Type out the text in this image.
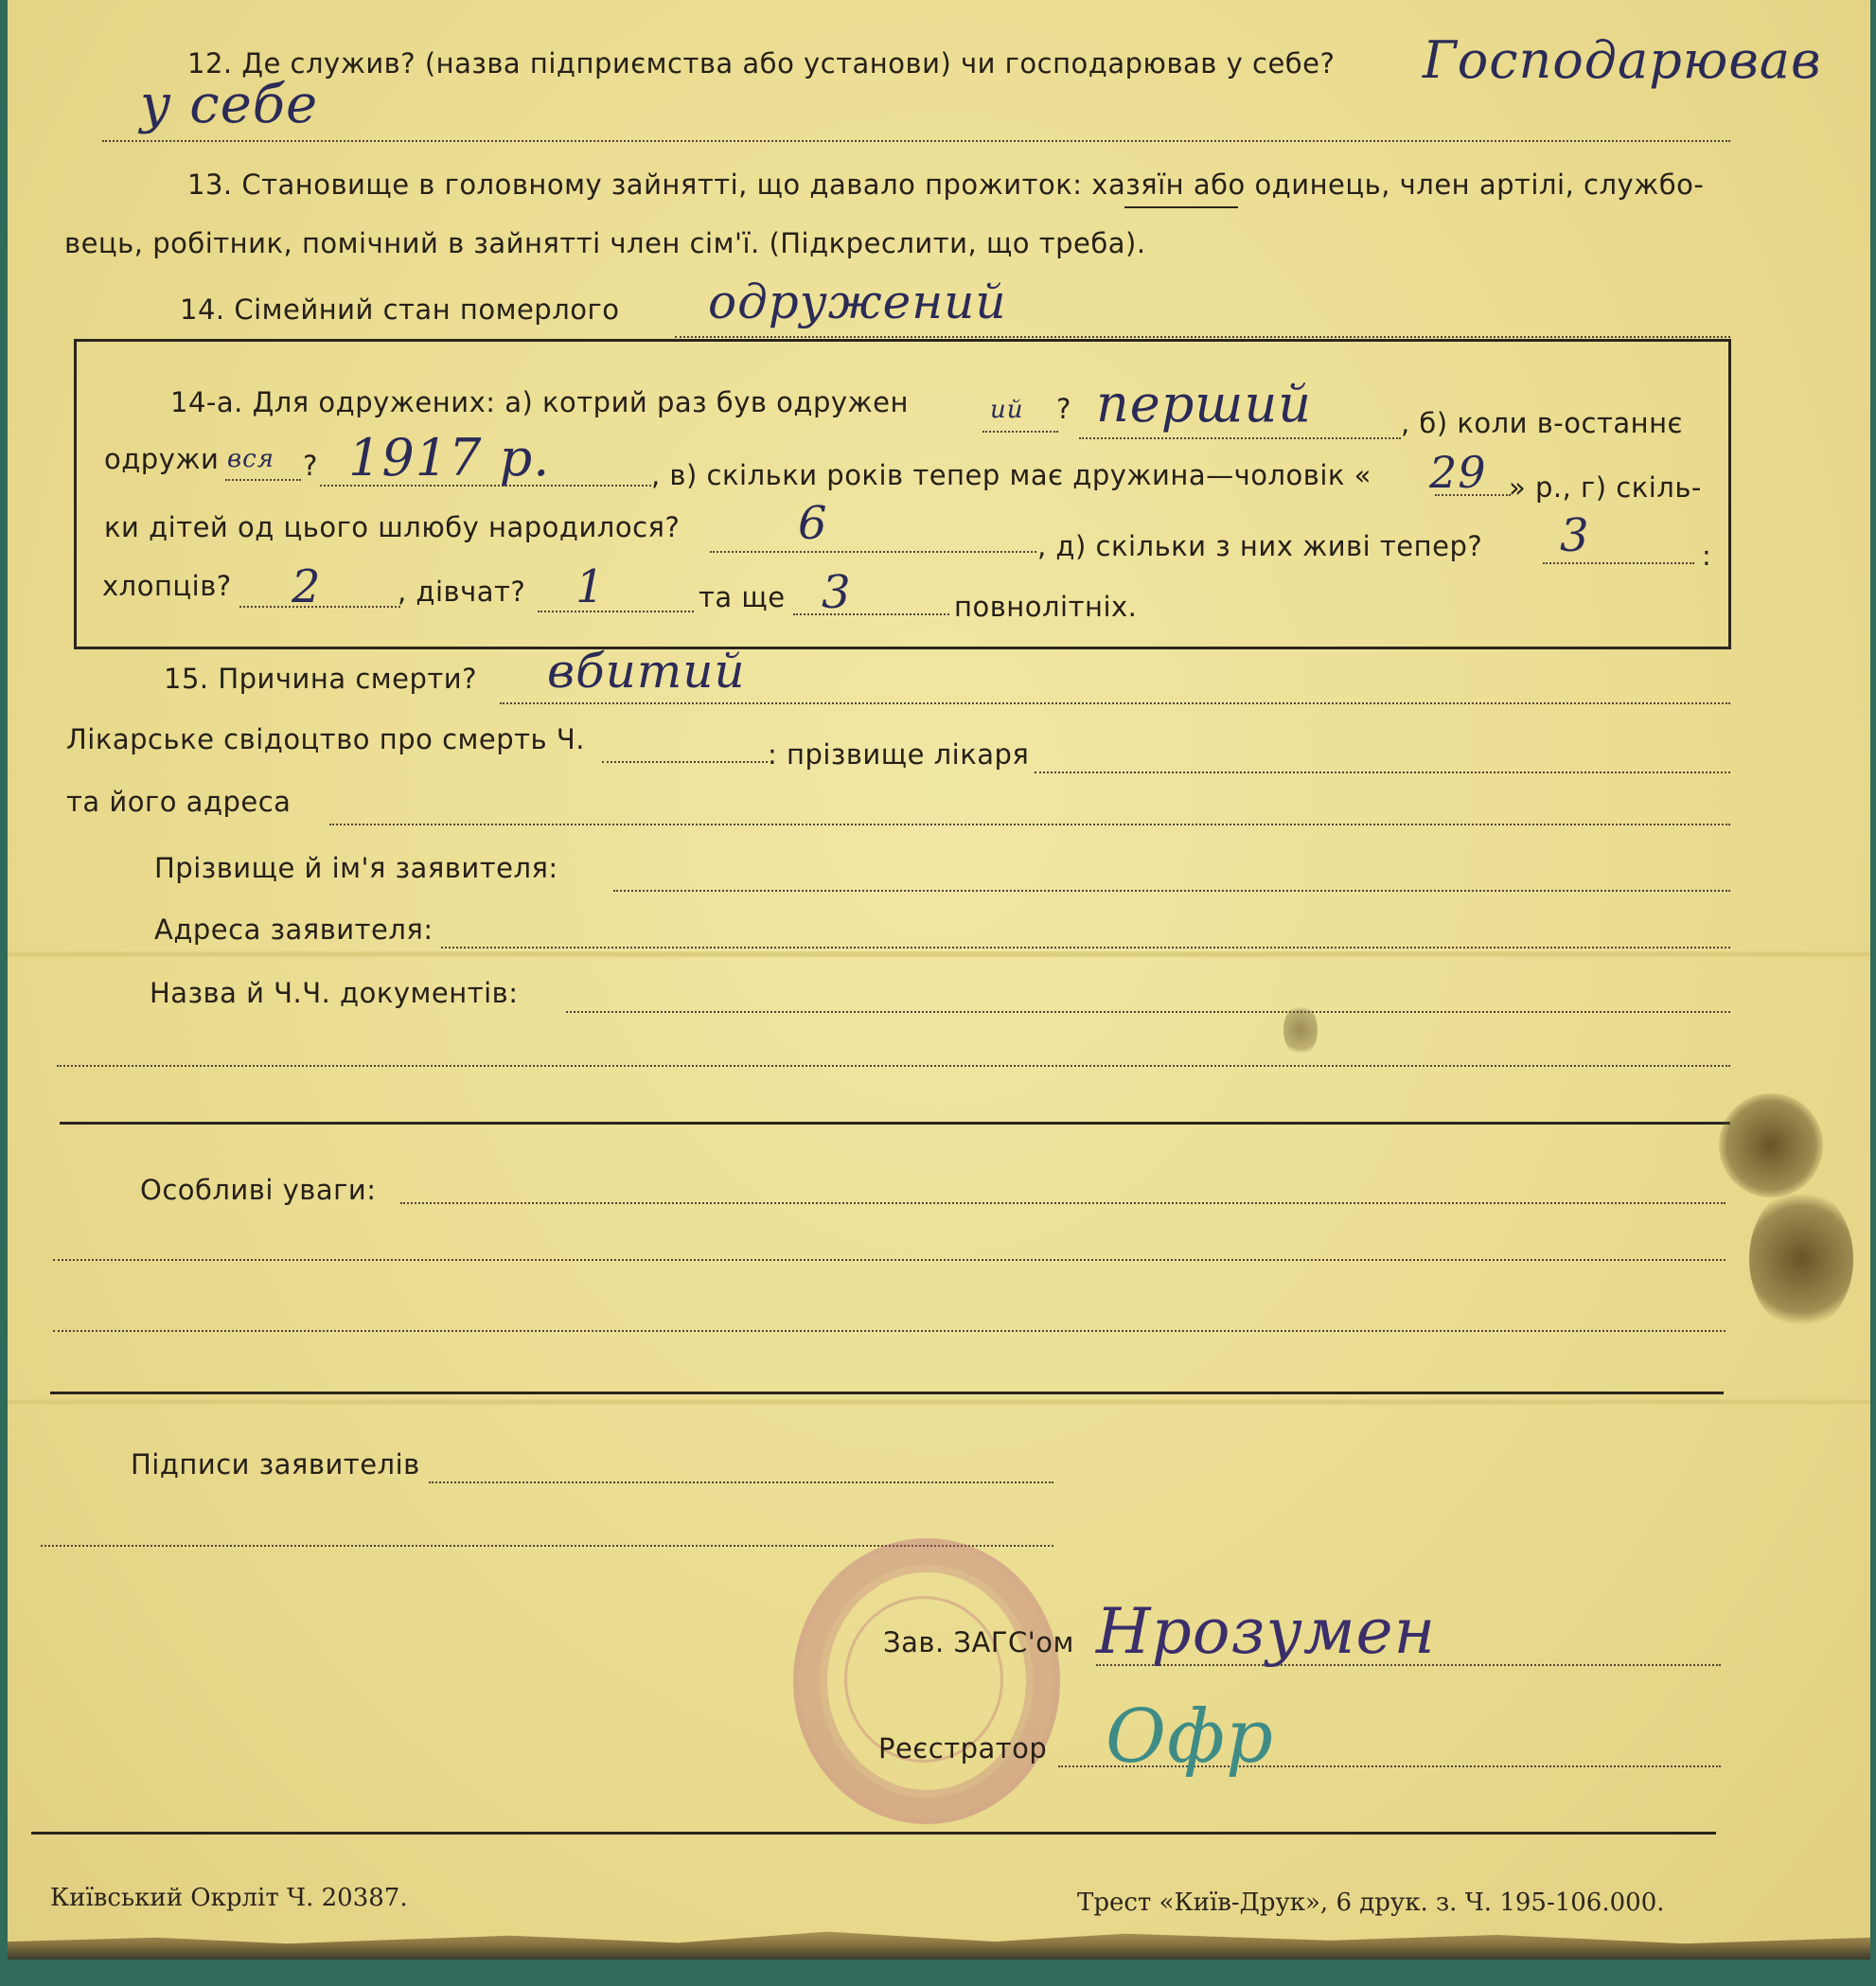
12. Де служив? (назва підприємства або установи) чи господарював у себе? Господарював
у себе
13. Становище в головному зайнятті, що давало прожиток: хазяїн або одинець, член артілі, службо-
вець, робітник, помічний в зайнятті член сім'ї. (Підкреслити, що треба).
14. Сімейний стан померлого одружений
14-а. Для одружених: а) котрий раз був одружен	ий ? перший	, б) коли в-останнє
одружи вся ? 1917 р.	, в) скільки років тепер має дружина—чоловік « 29 » р., г) скіль-
ки дітей од цього шлюбу народилося?	6	, д) скільки з них живі тепер? 3	:
хлопців? 2	, дівчат? 1	та ще 3	повнолітніх.
15. Причина смерти? вбитий
Лікарське свідоцтво про смерть Ч.	: прізвище лікаря
та його адреса
Прізвище й ім'я заявителя:
Адреса заявителя:
Назва й Ч.Ч. документів:
Особливі уваги:
Підписи заявителів
Зав. ЗАГС'ом Нрозумен
Реєстратор Офр
Київський Окрліт Ч. 20387.	Трест «Київ-Друк», 6 друк. з. Ч. 195-106.000.
